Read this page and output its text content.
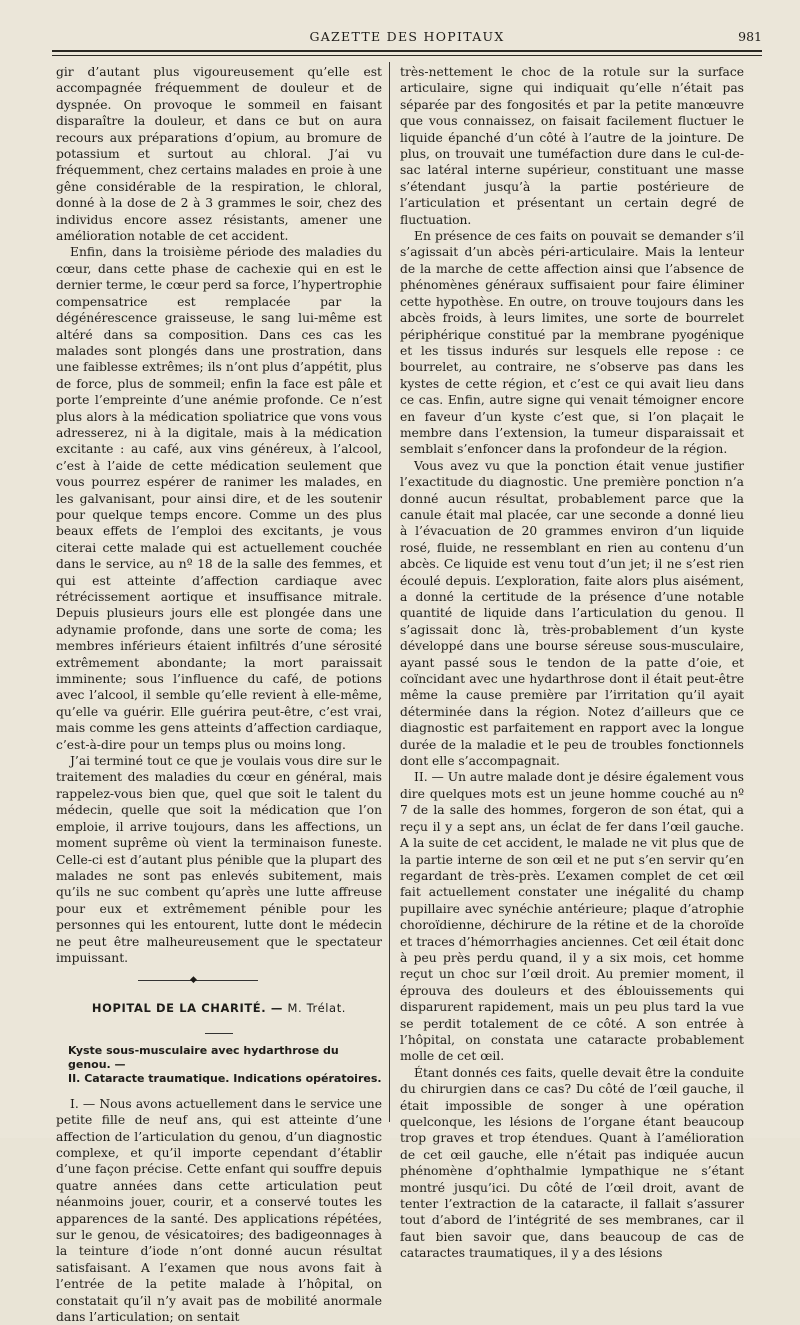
GAZETTE DES HOPITAUX	981

gir d’autant plus vigoureusement qu’elle est accompagnée fréquemment de douleur et de dyspnée. On provoque le sommeil en faisant disparaître la douleur, et dans ce but on aura recours aux préparations d’opium, au bromure de potassium et surtout au chloral. J’ai vu fréquemment, chez certains malades en proie à une gêne considérable de la respiration, le chloral, donné à la dose de 2 à 3 grammes le soir, chez des individus encore assez résistants, amener une amélioration notable de cet accident.

Enfin, dans la troisième période des maladies du cœur, dans cette phase de cachexie qui en est le dernier terme, le cœur perd sa force, l’hypertrophie compensatrice est remplacée par la dégénérescence graisseuse, le sang lui-même est altéré dans sa composition. Dans ces cas les malades sont plongés dans une prostration, dans une faiblesse extrêmes; ils n’ont plus d’appétit, plus de force, plus de sommeil; enfin la face est pâle et porte l’empreinte d’une anémie profonde. Ce n’est plus alors à la médication spoliatrice que vons vous adresserez, ni à la digitale, mais à la médication excitante : au café, aux vins généreux, à l’alcool, c’est à l’aide de cette médication seulement que vous pourrez espérer de ranimer les malades, en les galvanisant, pour ainsi dire, et de les soutenir pour quelque temps encore. Comme un des plus beaux effets de l’emploi des excitants, je vous citerai cette malade qui est actuellement couchée dans le service, au nº 18 de la salle des femmes, et qui est atteinte d’affection cardiaque avec rétrécissement aortique et insuffisance mitrale. Depuis plusieurs jours elle est plongée dans une adynamie profonde, dans une sorte de coma; les membres inférieurs étaient infiltrés d’une sérosité extrêmement abondante; la mort paraissait imminente; sous l’influence du café, de potions avec l’alcool, il semble qu’elle revient à elle-même, qu’elle va guérir. Elle guérira peut-être, c’est vrai, mais comme les gens atteints d’affection cardiaque, c’est-à-dire pour un temps plus ou moins long.

J’ai terminé tout ce que je voulais vous dire sur le traitement des maladies du cœur en général, mais rappelez-vous bien que, quel que soit le talent du médecin, quelle que soit la médication que l’on emploie, il arrive toujours, dans les affections, un moment suprême où vient la terminaison funeste. Celle-ci est d’autant plus pénible que la plupart des malades ne sont pas enlevés subitement, mais qu’ils ne suc combent qu’après une lutte affreuse pour eux et extrêmement pénible pour les personnes qui les entourent, lutte dont le médecin ne peut être malheureusement que le spectateur impuissant.

◆
HOPITAL DE LA CHARITÉ. — M. Trélat.
Kyste sous-musculaire avec hydarthrose du genou. —
II. Cataracte traumatique. Indications opératoires.

I. — Nous avons actuellement dans le service une petite fille de neuf ans, qui est atteinte d’une affection de l’articulation du genou, d’un diagnostic complexe, et qu’il importe cependant d’établir d’une façon précise. Cette enfant qui souffre depuis quatre années dans cette articulation peut néanmoins jouer, courir, et a conservé toutes les apparences de la santé. Des applications répétées, sur le genou, de vésicatoires; des badigeonnages à la teinture d’iode n’ont donné aucun résultat satisfaisant. A l’examen que nous avons fait à l’entrée de la petite malade à l’hôpital, on constatait qu’il n’y avait pas de mobilité anormale dans l’articulation; on sentait

très-nettement le choc de la rotule sur la surface articulaire, signe qui indiquait qu’elle n’était pas séparée par des fongosités et par la petite manœuvre que vous connaissez, on faisait facilement fluctuer le liquide épanché d’un côté à l’autre de la jointure. De plus, on trouvait une tuméfaction dure dans le cul-de-sac latéral interne supérieur, constituant une masse s’étendant jusqu’à la partie postérieure de l’articulation et présentant un certain degré de fluctuation.

En présence de ces faits on pouvait se demander s’il s’agissait d’un abcès péri-articulaire. Mais la lenteur de la marche de cette affection ainsi que l’absence de phénomènes généraux suffisaient pour faire éliminer cette hypothèse. En outre, on trouve toujours dans les abcès froids, à leurs limites, une sorte de bourrelet périphérique constitué par la membrane pyogénique et les tissus indurés sur lesquels elle repose : ce bourrelet, au contraire, ne s’observe pas dans les kystes de cette région, et c’est ce qui avait lieu dans ce cas. Enfin, autre signe qui venait témoigner encore en faveur d’un kyste c’est que, si l’on plaçait le membre dans l’extension, la tumeur disparaissait et semblait s’enfoncer dans la profondeur de la région.

Vous avez vu que la ponction était venue justifier l’exactitude du diagnostic. Une première ponction n’a donné aucun résultat, probablement parce que la canule était mal placée, car une seconde a donné lieu à l’évacuation de 20 grammes environ d’un liquide rosé, fluide, ne ressemblant en rien au contenu d’un abcès. Ce liquide est venu tout d’un jet; il ne s’est rien écoulé depuis. L’exploration, faite alors plus aisément, a donné la certitude de la présence d’une notable quantité de liquide dans l’articulation du genou. Il s’agissait donc là, très-probablement d’un kyste développé dans une bourse séreuse sous-musculaire, ayant passé sous le tendon de la patte d’oie, et coïncidant avec une hydarthrose dont il était peut-être même la cause première par l’irritation qu’il ayait déterminée dans la région. Notez d’ailleurs que ce diagnostic est parfaitement en rapport avec la longue durée de la maladie et le peu de troubles fonctionnels dont elle s’accompagnait.

II. — Un autre malade dont je désire également vous dire quelques mots est un jeune homme couché au nº 7 de la salle des hommes, forgeron de son état, qui a reçu il y a sept ans, un éclat de fer dans l’œil gauche. A la suite de cet accident, le malade ne vit plus que de la partie interne de son œil et ne put s’en servir qu’en regardant de très-près. L’examen complet de cet œil fait actuellement constater une inégalité du champ pupillaire avec synéchie antérieure; plaque d’atrophie choroïdienne, déchirure de la rétine et de la choroïde et traces d’hémorrhagies anciennes. Cet œil était donc à peu près perdu quand, il y a six mois, cet homme reçut un choc sur l’œil droit. Au premier moment, il éprouva des douleurs et des éblouissements qui disparurent rapidement, mais un peu plus tard la vue se perdit totalement de ce côté. A son entrée à l’hôpital, on constata une cataracte probablement molle de cet œil.

Étant donnés ces faits, quelle devait être la conduite du chirurgien dans ce cas? Du côté de l’œil gauche, il était impossible de songer à une opération quelconque, les lésions de l’organe étant beaucoup trop graves et trop étendues. Quant à l’amélioration de cet œil gauche, elle n’était pas indiquée aucun phénomène d’ophthalmie lympathique ne s’étant montré jusqu’ici. Du côté de l’œil droit, avant de tenter l’extraction de la cataracte, il fallait s’assurer tout d’abord de l’intégrité de ses membranes, car il faut bien savoir que, dans beaucoup de cas de cataractes traumatiques, il y a des lésions
